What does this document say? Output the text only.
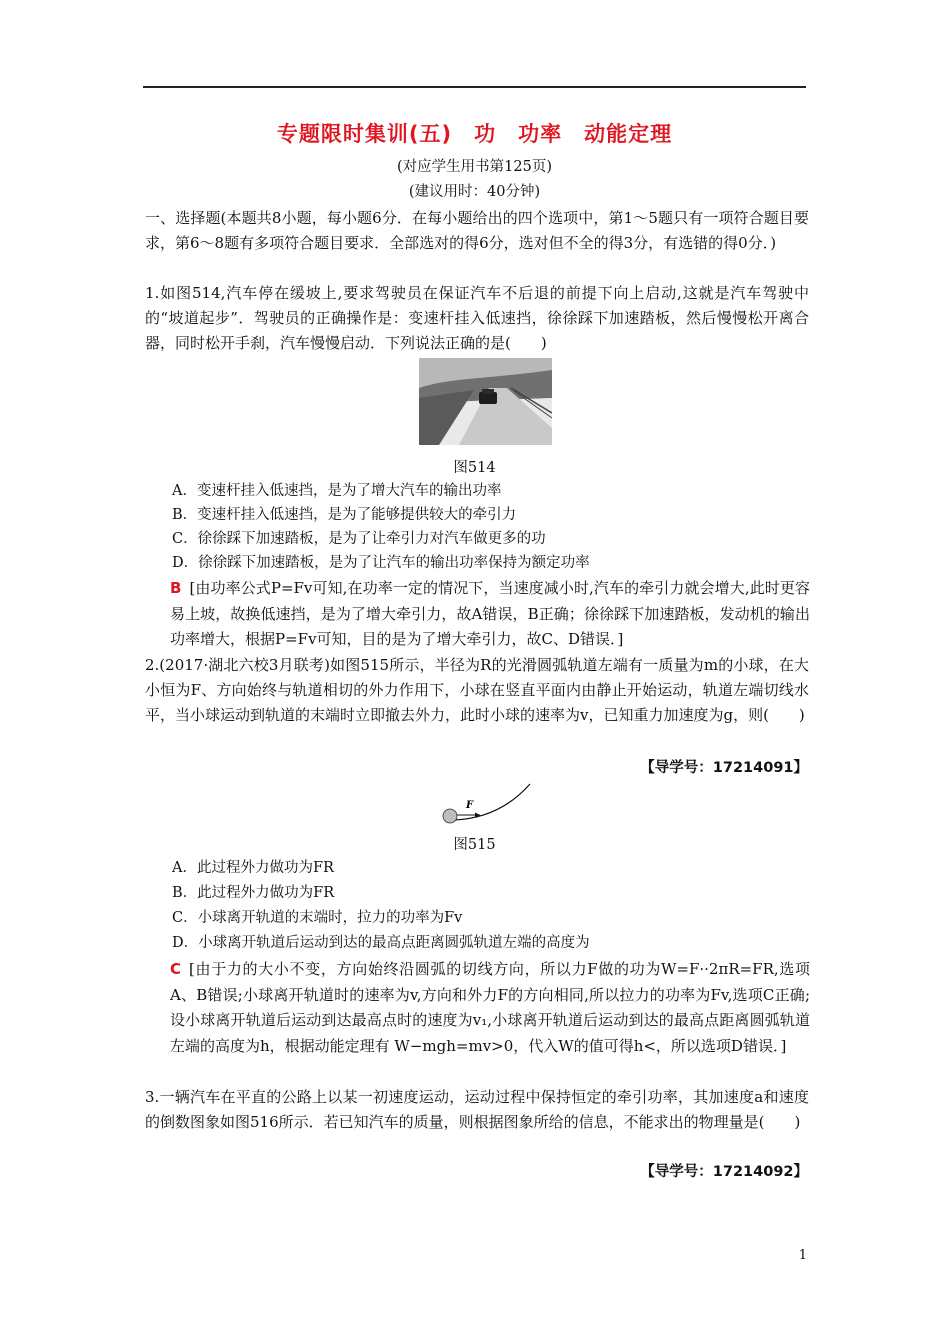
专题限时集训(五)　功　功率　动能定理
(对应学生用书第125页)
(建议用时：40分钟)
一、选择题(本题共8小题，每小题6分．在每小题给出的四个选项中，第1～5题只有一项符合题目要求，第6～8题有多项符合题目要求．全部选对的得6分，选对但不全的得3分，有选错的得0分．)
1.如图514,汽车停在缓坡上,要求驾驶员在保证汽车不后退的前提下向上启动,这就是汽车驾驶中的“坡道起步”．驾驶员的正确操作是：变速杆挂入低速挡，徐徐踩下加速踏板，然后慢慢松开离合器，同时松开手刹，汽车慢慢启动．下列说法正确的是(　　)
图514
A．变速杆挂入低速挡，是为了增大汽车的输出功率
B．变速杆挂入低速挡，是为了能够提供较大的牵引力
C．徐徐踩下加速踏板，是为了让牵引力对汽车做更多的功
D．徐徐踩下加速踏板，是为了让汽车的输出功率保持为额定功率
B [由功率公式P=Fv可知,在功率一定的情况下，当速度减小时,汽车的牵引力就会增大,此时更容易上坡，故换低速挡，是为了增大牵引力，故A错误，B正确；徐徐踩下加速踏板，发动机的输出功率增大，根据P=Fv可知，目的是为了增大牵引力，故C、D错误．]
2.(2017·湖北六校3月联考)如图515所示，半径为R的光滑圆弧轨道左端有一质量为m的小球，在大小恒为F、方向始终与轨道相切的外力作用下，小球在竖直平面内由静止开始运动，轨道左端切线水平，当小球运动到轨道的末端时立即撤去外力，此时小球的速率为v，已知重力加速度为g，则(　　)
【导学号：17214091】
F
图515
A．此过程外力做功为FR
B．此过程外力做功为FR
C．小球离开轨道的末端时，拉力的功率为Fv
D．小球离开轨道后运动到达的最高点距离圆弧轨道左端的高度为
C [由于力的大小不变，方向始终沿圆弧的切线方向，所以力F做的功为W=F··2πR=FR,选项A、B错误;小球离开轨道时的速率为v,方向和外力F的方向相同,所以拉力的功率为Fv,选项C正确;设小球离开轨道后运动到达最高点时的速度为v₁,小球离开轨道后运动到达的最高点距离圆弧轨道左端的高度为h，根据动能定理有 W−mgh=mv>0，代入W的值可得h<，所以选项D错误．]
3.一辆汽车在平直的公路上以某一初速度运动，运动过程中保持恒定的牵引功率，其加速度a和速度的倒数图象如图516所示．若已知汽车的质量，则根据图象所给的信息，不能求出的物理量是(　　)
【导学号：17214092】
1
